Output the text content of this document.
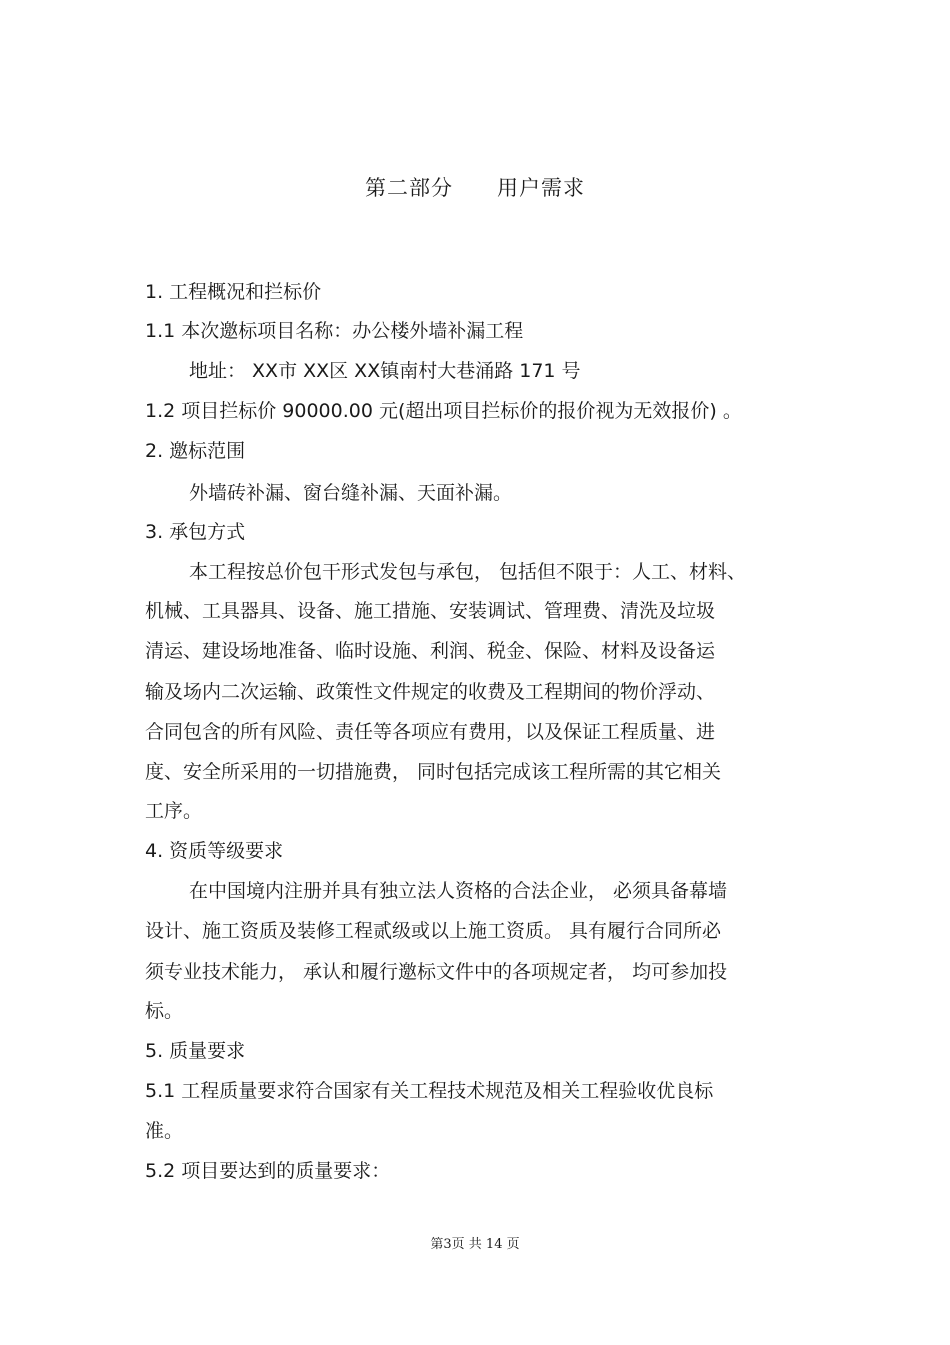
第二部分　　用户需求
1. 工程概况和拦标价
1.1 本次邀标项目名称：办公楼外墙补漏工程
地址： XX市 XX区 XX镇南村大巷涌路 171 号
1.2 项目拦标价 90000.00 元(超出项目拦标价的报价视为无效报价) 。
2. 邀标范围
外墙砖补漏、窗台缝补漏、天面补漏。
3. 承包方式
本工程按总价包干形式发包与承包， 包括但不限于：人工、材料、
机械、工具器具、设备、施工措施、安装调试、管理费、清洗及垃圾
清运、建设场地准备、临时设施、利润、税金、保险、材料及设备运
输及场内二次运输、政策性文件规定的收费及工程期间的物价浮动、
合同包含的所有风险、责任等各项应有费用，以及保证工程质量、进
度、安全所采用的一切措施费， 同时包括完成该工程所需的其它相关
工序。
4. 资质等级要求
在中国境内注册并具有独立法人资格的合法企业， 必须具备幕墙
设计、施工资质及装修工程贰级或以上施工资质。 具有履行合同所必
须专业技术能力， 承认和履行邀标文件中的各项规定者， 均可参加投
标。
5. 质量要求
5.1 工程质量要求符合国家有关工程技术规范及相关工程验收优良标
准。
5.2 项目要达到的质量要求：
第3页 共 14 页
